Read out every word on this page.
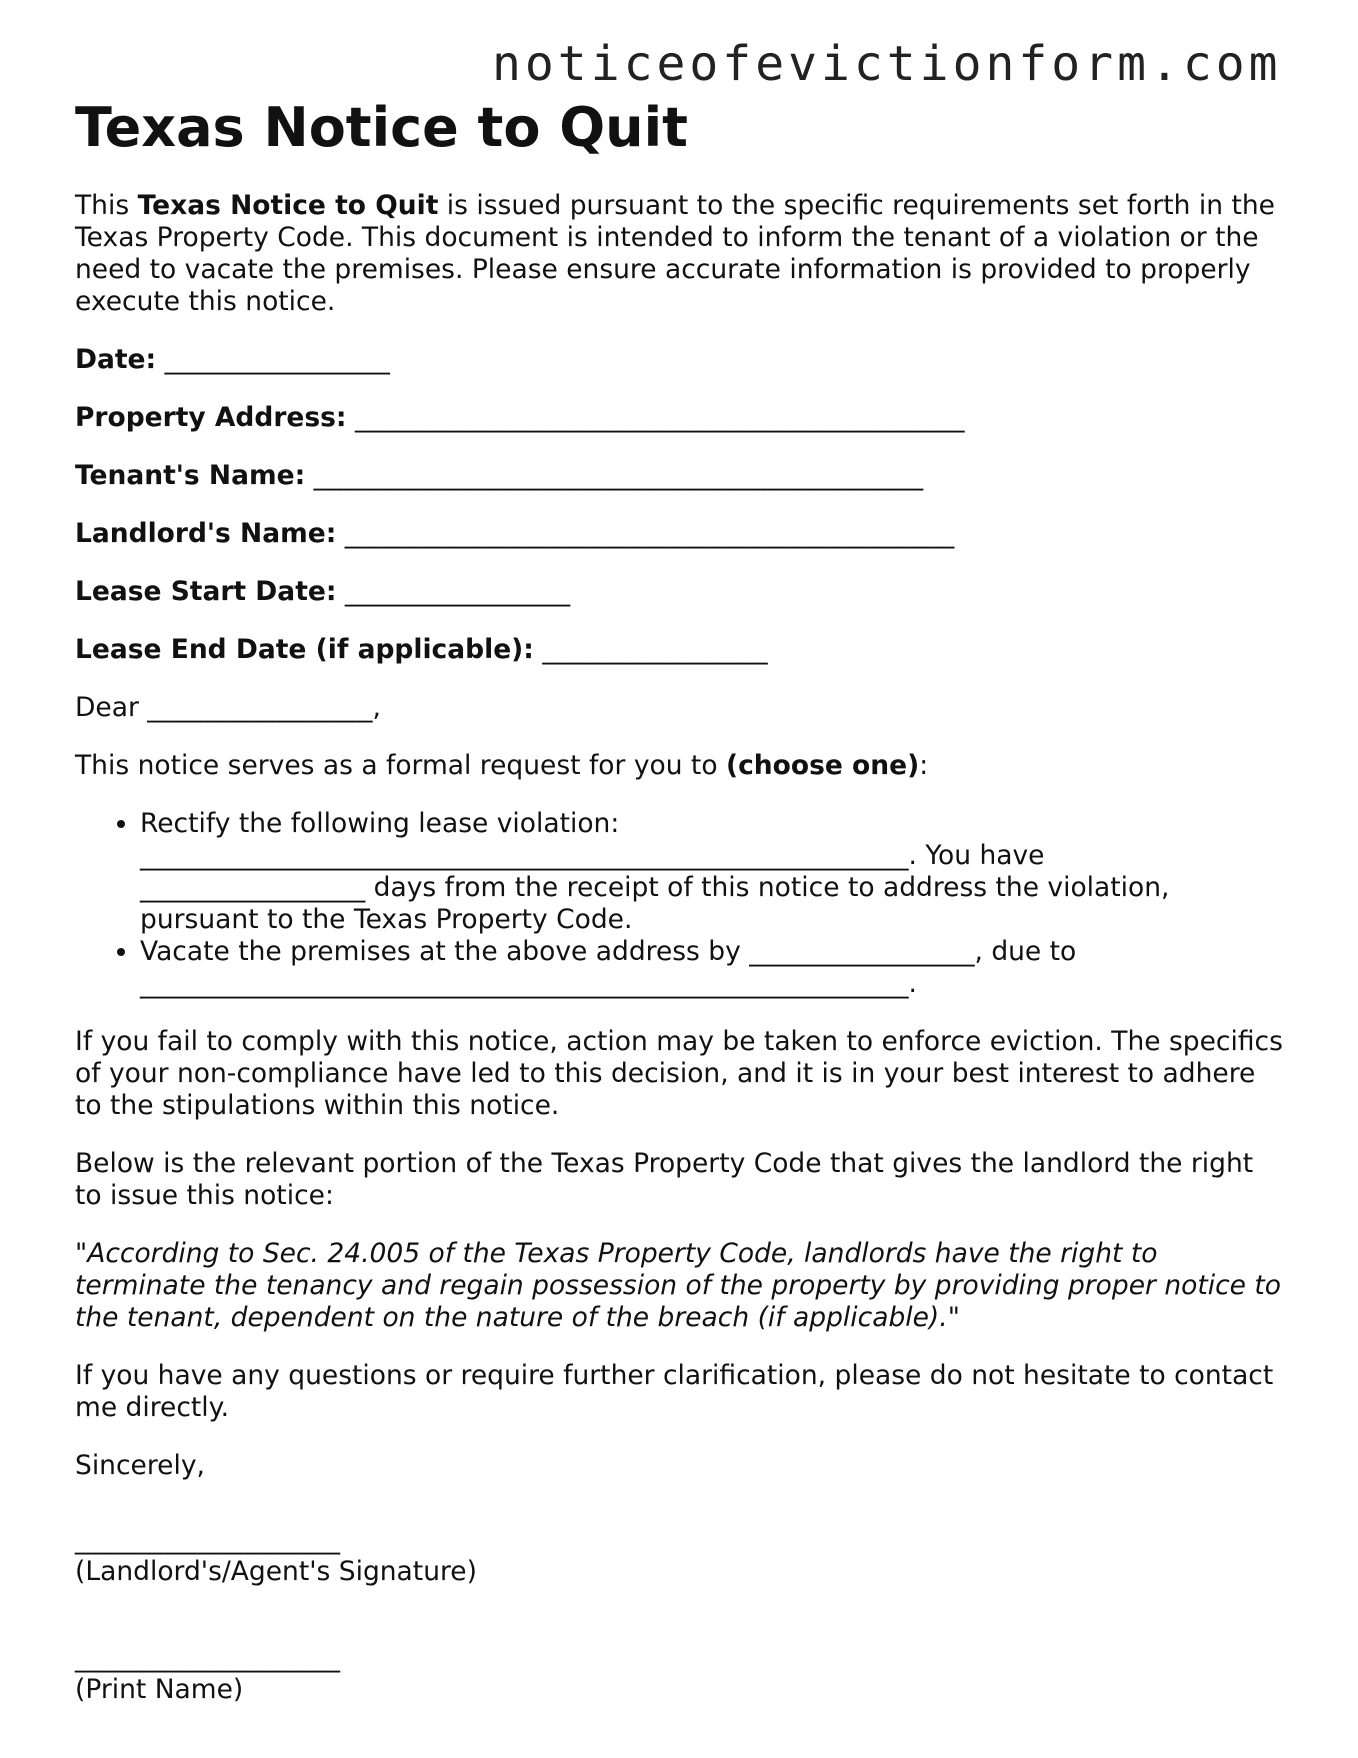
noticeofevictionform.com
Texas Notice to Quit

This Texas Notice to Quit is issued pursuant to the specific requirements set forth in the Texas Property Code. This document is intended to inform the tenant of a violation or the need to vacate the premises. Please ensure accurate information is provided to properly execute this notice.

Date: _________________

Property Address: ______________________________________________

Tenant's Name: ______________________________________________

Landlord's Name: ______________________________________________

Lease Start Date: _________________

Lease End Date (if applicable): _________________

Dear _________________,

This notice serves as a formal request for you to (choose one):

• Rectify the following lease violation:
__________________________________________________________. You have
_________________ days from the receipt of this notice to address the violation,
pursuant to the Texas Property Code.
• Vacate the premises at the above address by _________________, due to
__________________________________________________________.

If you fail to comply with this notice, action may be taken to enforce eviction. The specifics of your non-compliance have led to this decision, and it is in your best interest to adhere to the stipulations within this notice.

Below is the relevant portion of the Texas Property Code that gives the landlord the right to issue this notice:

"According to Sec. 24.005 of the Texas Property Code, landlords have the right to terminate the tenancy and regain possession of the property by providing proper notice to the tenant, dependent on the nature of the breach (if applicable)."

If you have any questions or require further clarification, please do not hesitate to contact me directly.

Sincerely,

____________________
(Landlord's/Agent's Signature)
____________________
(Print Name)
